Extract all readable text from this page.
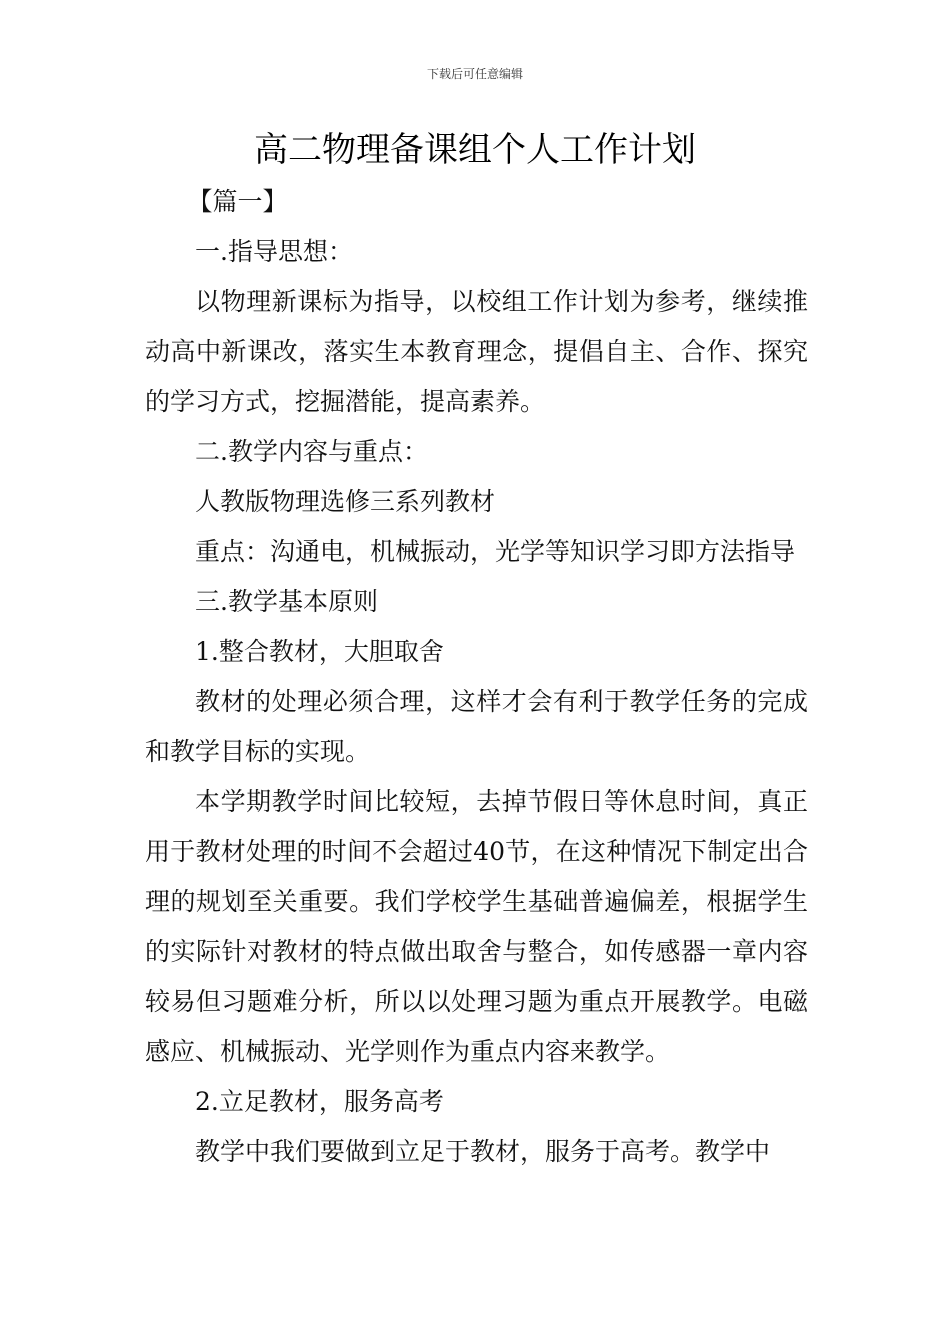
下载后可任意编辑
高二物理备课组个人工作计划

【篇一】

一.指导思想：

以物理新课标为指导，以校组工作计划为参考，继续推动高中新课改，落实生本教育理念，提倡自主、合作、探究的学习方式，挖掘潜能，提高素养。

二.教学内容与重点：

人教版物理选修三系列教材

重点：沟通电，机械振动，光学等知识学习即方法指导

三.教学基本原则

1.整合教材，大胆取舍

教材的处理必须合理，这样才会有利于教学任务的完成和教学目标的实现。

本学期教学时间比较短，去掉节假日等休息时间，真正用于教材处理的时间不会超过40节，在这种情况下制定出合理的规划至关重要。我们学校学生基础普遍偏差，根据学生的实际针对教材的特点做出取舍与整合，如传感器一章内容较易但习题难分析，所以以处理习题为重点开展教学。电磁感应、机械振动、光学则作为重点内容来教学。

2.立足教材，服务高考

教学中我们要做到立足于教材，服务于高考。教学中
